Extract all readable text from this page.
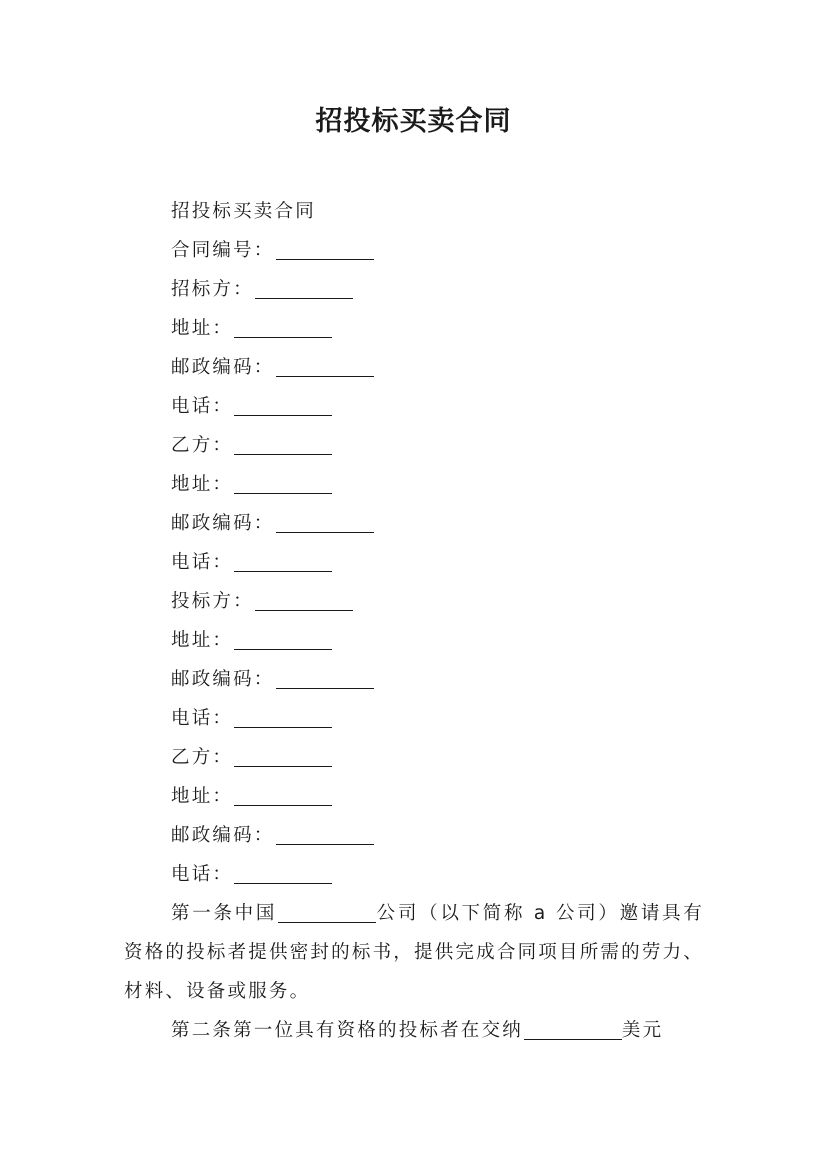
招投标买卖合同
招投标买卖合同
合同编号：
招标方：
地址：
邮政编码：
电话：
乙方：
地址：
邮政编码：
电话：
投标方：
地址：
邮政编码：
电话：
乙方：
地址：
邮政编码：
电话：
第一条中国	公司（以下简称 a 公司）邀请具有资格的投标者提供密封的标书，提供完成合同项目所需的劳力、材料、设备或服务。
第二条第一位具有资格的投标者在交纳	美元
